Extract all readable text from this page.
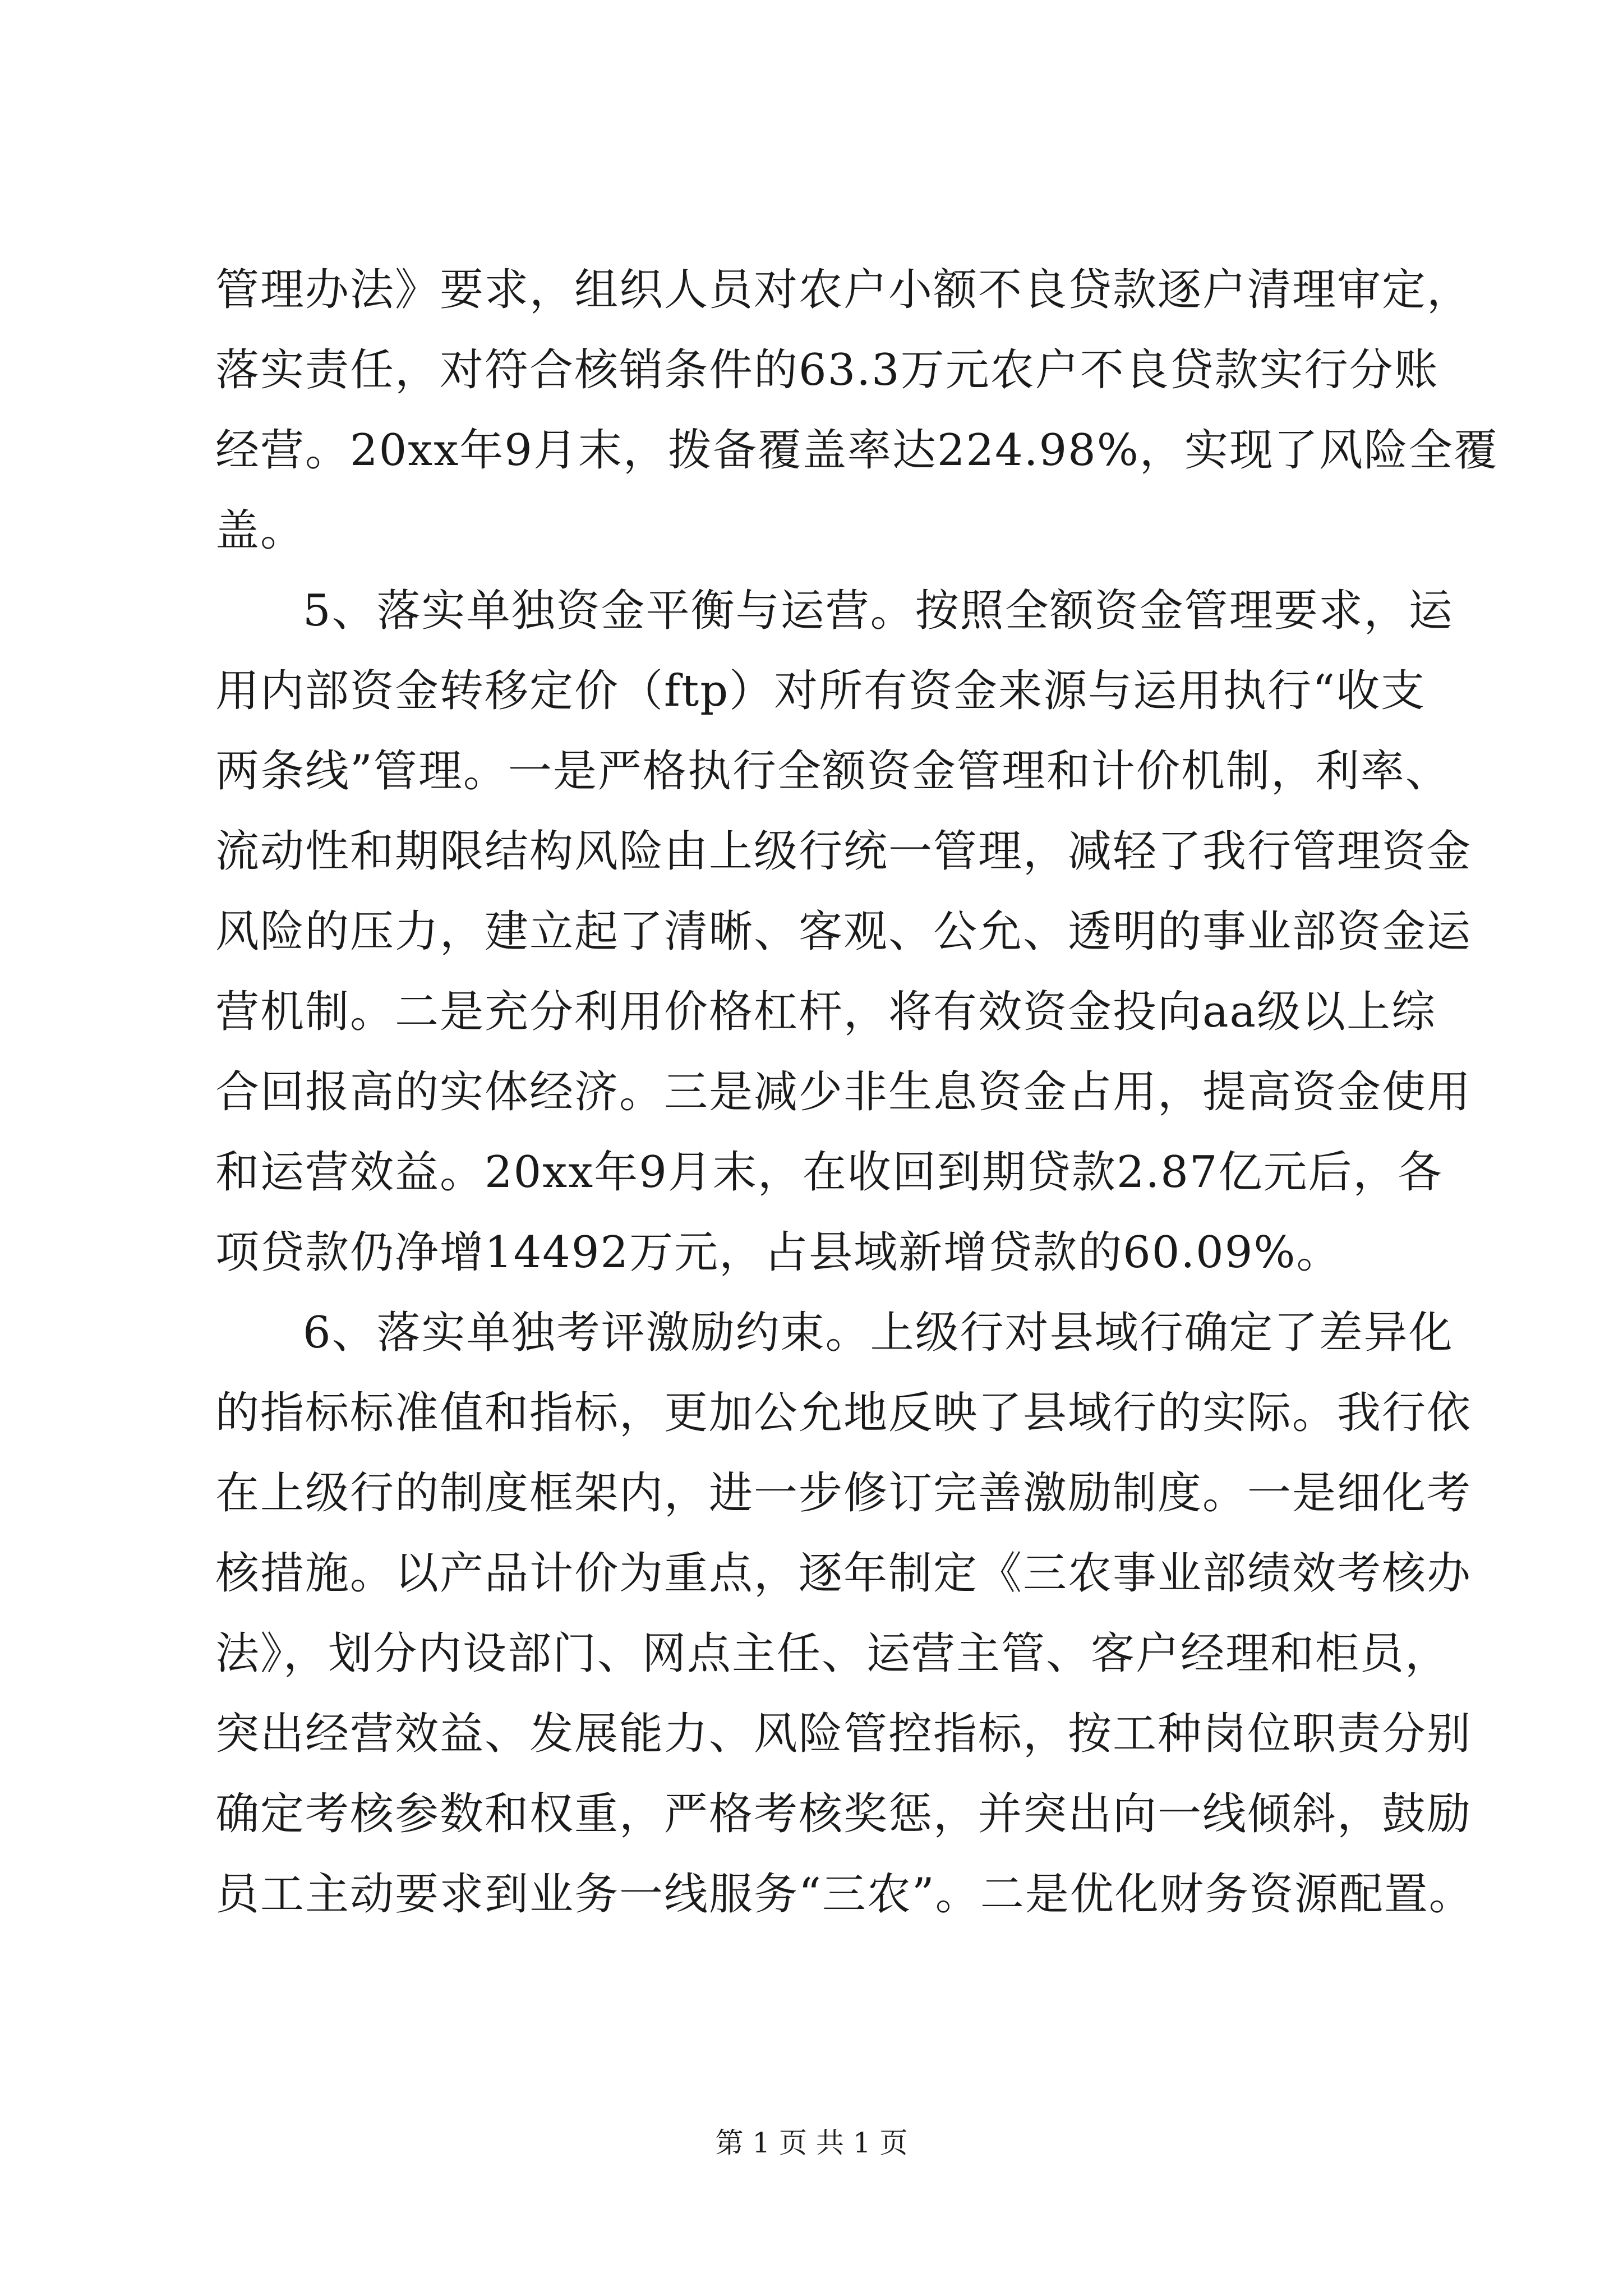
管理办法》要求，组织人员对农户小额不良贷款逐户清理审定，
落实责任，对符合核销条件的63.3万元农户不良贷款实行分账
经营。20xx年9月末，拨备覆盖率达224.98%，实现了风险全覆
盖。
5、落实单独资金平衡与运营。按照全额资金管理要求，运
用内部资金转移定价（ftp）对所有资金来源与运用执行“收支
两条线”管理。一是严格执行全额资金管理和计价机制，利率、
流动性和期限结构风险由上级行统一管理，减轻了我行管理资金
风险的压力，建立起了清晰、客观、公允、透明的事业部资金运
营机制。二是充分利用价格杠杆，将有效资金投向aa级以上综
合回报高的实体经济。三是减少非生息资金占用，提高资金使用
和运营效益。20xx年9月末，在收回到期贷款2.87亿元后，各
项贷款仍净增14492万元，占县域新增贷款的60.09%。
6、落实单独考评激励约束。上级行对县域行确定了差异化
的指标标准值和指标，更加公允地反映了县域行的实际。我行依
在上级行的制度框架内，进一步修订完善激励制度。一是细化考
核措施。以产品计价为重点，逐年制定《三农事业部绩效考核办
法》，划分内设部门、网点主任、运营主管、客户经理和柜员，
突出经营效益、发展能力、风险管控指标，按工种岗位职责分别
确定考核参数和权重，严格考核奖惩，并突出向一线倾斜，鼓励
员工主动要求到业务一线服务“三农”。二是优化财务资源配置。
第 1 页 共 1 页
